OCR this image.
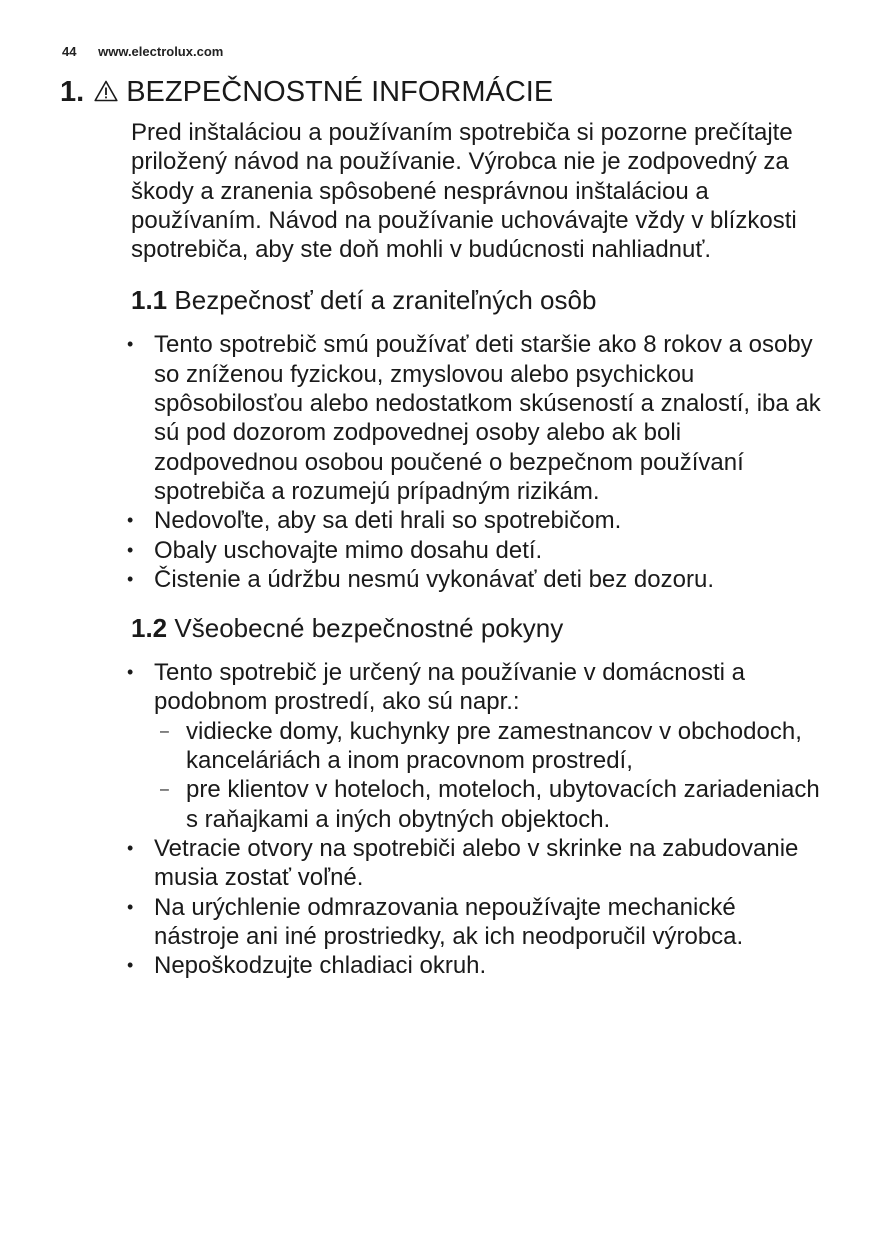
44 www.electrolux.com
1. BEZPEČNOSTNÉ INFORMÁCIE

Pred inštaláciou a používaním spotrebiča si pozorne prečítajte priložený návod na používanie. Výrobca nie je zodpovedný za škody a zranenia spôsobené nesprávnou inštaláciou a používaním. Návod na používanie uchovávajte vždy v blízkosti spotrebiča, aby ste doň mohli v budúcnosti nahliadnuť.

1.1 Bezpečnosť detí a zraniteľných osôb
• Tento spotrebič smú používať deti staršie ako 8 rokov a osoby so zníženou fyzickou, zmyslovou alebo psychickou spôsobilosťou alebo nedostatkom skúseností a znalostí, iba ak sú pod dozorom zodpovednej osoby alebo ak boli zodpovednou osobou poučené o bezpečnom používaní spotrebiča a rozumejú prípadným rizikám.
• Nedovoľte, aby sa deti hrali so spotrebičom.
• Obaly uschovajte mimo dosahu detí.
• Čistenie a údržbu nesmú vykonávať deti bez dozoru.
1.2 Všeobecné bezpečnostné pokyny
• Tento spotrebič je určený na používanie v domácnosti a podobnom prostredí, ako sú napr.:
– vidiecke domy, kuchynky pre zamestnancov v obchodoch, kanceláriách a inom pracovnom prostredí,
– pre klientov v hoteloch, moteloch, ubytovacích zariadeniach s raňajkami a iných obytných objektoch.
• Vetracie otvory na spotrebiči alebo v skrinke na zabudovanie musia zostať voľné.
• Na urýchlenie odmrazovania nepoužívajte mechanické nástroje ani iné prostriedky, ak ich neodporučil výrobca.
• Nepoškodzujte chladiaci okruh.
